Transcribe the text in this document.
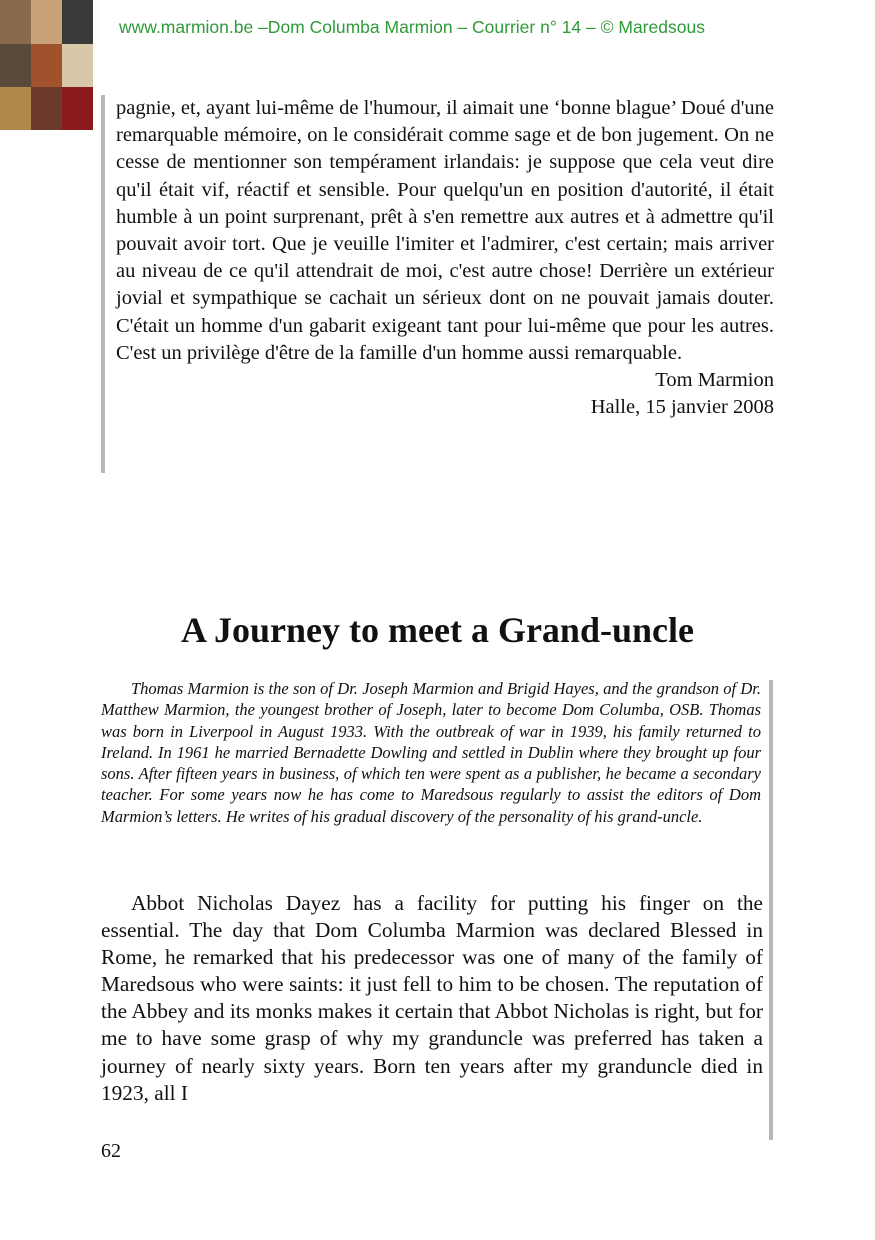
www.marmion.be –Dom Columba Marmion – Courrier n° 14 – © Maredsous

pagnie, et, ayant lui-même de l'humour, il aimait une ‘bonne blague’ Doué d'une remarquable mémoire, on le considérait comme sage et de bon jugement. On ne cesse de mentionner son tempérament irlandais: je suppose que cela veut dire qu'il était vif, réactif et sensible. Pour quelqu'un en position d'autorité, il était humble à un point surprenant, prêt à s'en remettre aux autres et à admettre qu'il pouvait avoir tort. Que je veuille l'imiter et l'admirer, c'est certain; mais arriver au niveau de ce qu'il attendrait de moi, c'est autre chose! Derrière un extérieur jovial et sympathique se cachait un sérieux dont on ne pouvait jamais douter. C'était un homme d'un gabarit exigeant tant pour lui-même que pour les autres. C'est un privilège d'être de la famille d'un homme aussi remarquable.

Tom Marmion
Halle, 15 janvier 2008
A Journey to meet a Grand-uncle

Thomas Marmion is the son of Dr. Joseph Marmion and Brigid Hayes, and the grandson of Dr. Matthew Marmion, the youngest brother of Joseph, later to become Dom Columba, OSB. Thomas was born in Liverpool in August 1933. With the outbreak of war in 1939, his family returned to Ireland. In 1961 he married Bernadette Dowling and settled in Dublin where they brought up four sons. After fifteen years in business, of which ten were spent as a publisher, he became a secondary teacher. For some years now he has come to Maredsous regularly to assist the editors of Dom Marmion’s letters. He writes of his gradual discovery of the personality of his grand-uncle.

Abbot Nicholas Dayez has a facility for putting his finger on the essential. The day that Dom Columba Marmion was declared Blessed in Rome, he remarked that his predecessor was one of many of the family of Maredsous who were saints: it just fell to him to be chosen. The reputation of the Abbey and its monks makes it certain that Abbot Nicholas is right, but for me to have some grasp of why my granduncle was preferred has taken a journey of nearly sixty years. Born ten years after my granduncle died in 1923, all I

62
